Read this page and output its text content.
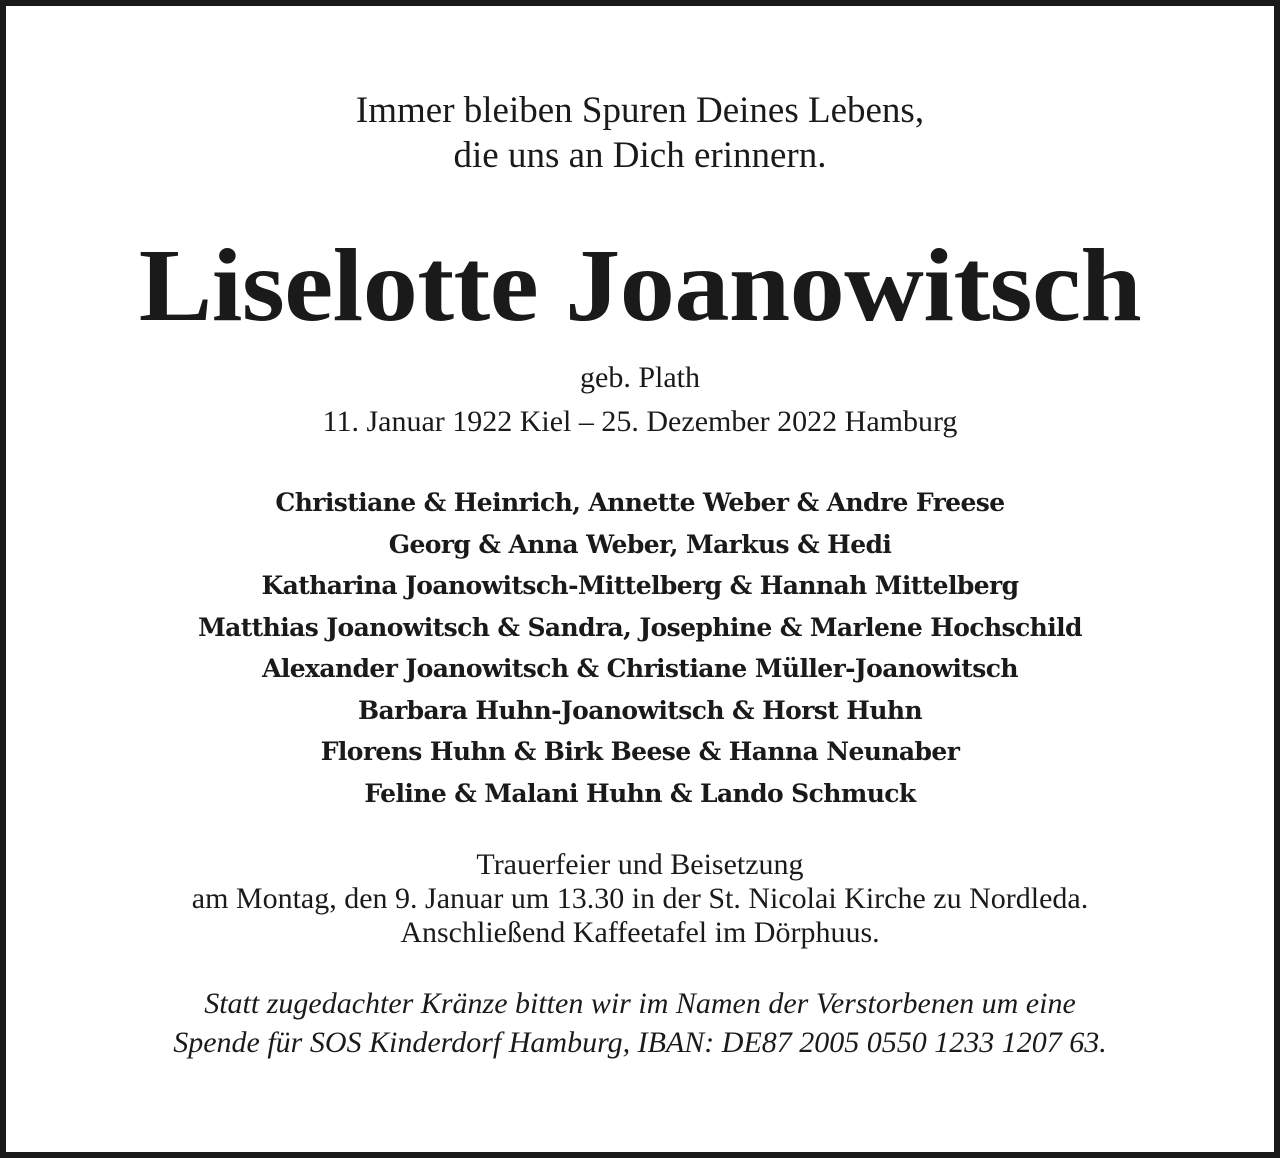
Immer bleiben Spuren Deines Lebens,
die uns an Dich erinnern.
Liselotte Joanowitsch
geb. Plath
11. Januar 1922 Kiel – 25. Dezember 2022 Hamburg
Christiane & Heinrich, Annette Weber & Andre Freese
Georg & Anna Weber, Markus & Hedi
Katharina Joanowitsch-Mittelberg & Hannah Mittelberg
Matthias Joanowitsch & Sandra, Josephine & Marlene Hochschild
Alexander Joanowitsch & Christiane Müller-Joanowitsch
Barbara Huhn-Joanowitsch & Horst Huhn
Florens Huhn & Birk Beese & Hanna Neunaber
Feline & Malani Huhn & Lando Schmuck
Trauerfeier und Beisetzung
am Montag, den 9. Januar um 13.30 in der St. Nicolai Kirche zu Nordleda.
Anschließend Kaffeetafel im Dörphuus.
Statt zugedachter Kränze bitten wir im Namen der Verstorbenen um eine
Spende für SOS Kinderdorf Hamburg, IBAN: DE87 2005 0550 1233 1207 63.
